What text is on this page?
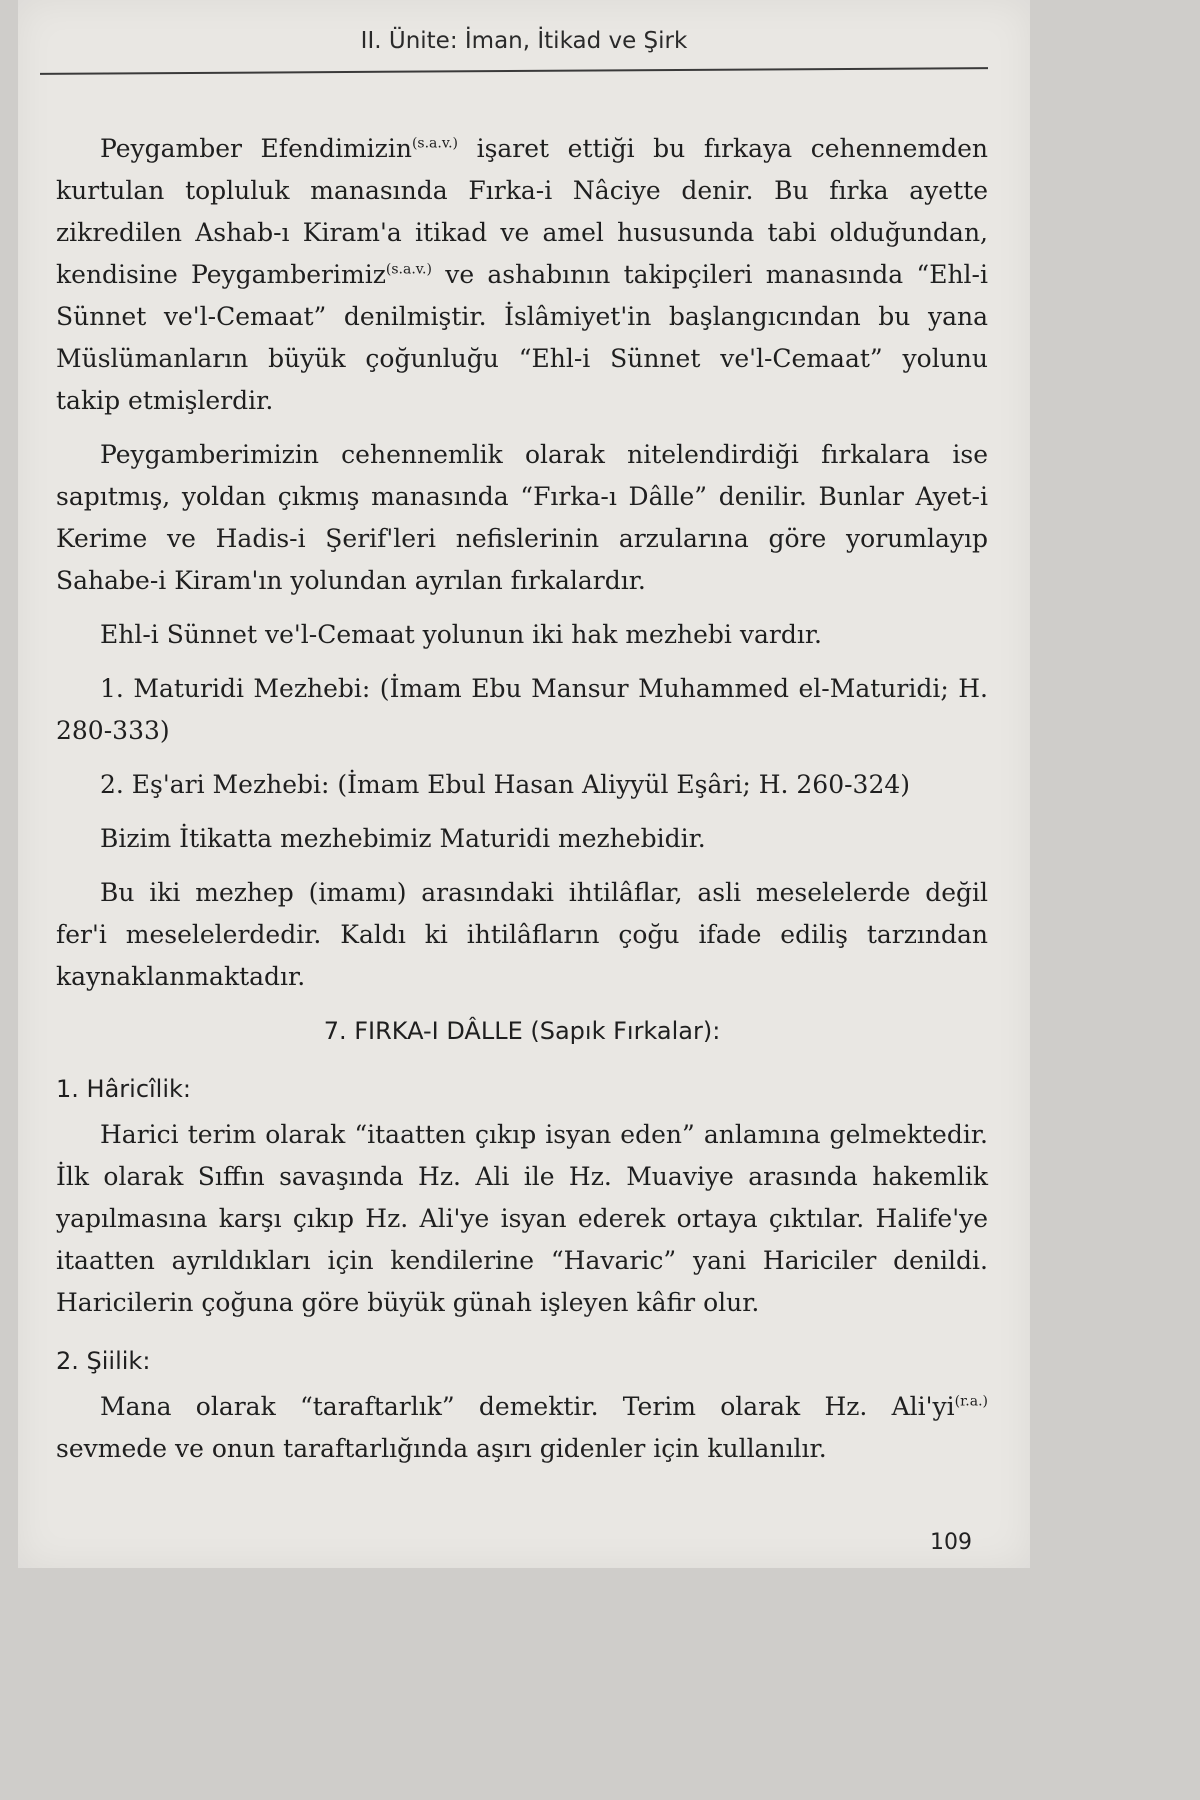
II. Ünite: İman, İtikad ve Şirk

Peygamber Efendimizin$^{(s.a.v.)}$ işaret ettiği bu fırkaya cehennemden kurtulan topluluk manasında Fırka-i Nâciye denir. Bu fırka ayette zikredilen Ashab-ı Kiram'a itikad ve amel hususunda tabi olduğundan, kendisine Peygamberimiz$^{(s.a.v.)}$ ve ashabının takipçileri manasında “Ehl-i Sünnet ve'l-Cemaat” denilmiştir. İslâmiyet'in başlangıcından bu yana Müslümanların büyük çoğunluğu “Ehl-i Sünnet ve'l-Cemaat” yolunu takip etmişlerdir.

Peygamberimizin cehennemlik olarak nitelendirdiği fırkalara ise sapıtmış, yoldan çıkmış manasında “Fırka-ı Dâlle” denilir. Bunlar Ayet-i Kerime ve Hadis-i Şerif'leri nefislerinin arzularına göre yorumlayıp Sahabe-i Kiram'ın yolundan ayrılan fırkalardır.

Ehl-i Sünnet ve'l-Cemaat yolunun iki hak mezhebi vardır.

1. Maturidi Mezhebi: (İmam Ebu Mansur Muhammed el-Maturidi; H. 280-333)

2. Eş'ari Mezhebi: (İmam Ebul Hasan Aliyyül Eşâri; H. 260-324)

Bizim İtikatta mezhebimiz Maturidi mezhebidir.

Bu iki mezhep (imamı) arasındaki ihtilâflar, asli meselelerde değil fer'i meselelerdedir. Kaldı ki ihtilâfların çoğu ifade ediliş tarzından kaynaklanmaktadır.

7. FIRKA-I DÂLLE (Sapık Fırkalar):
1. Hâricîlik:

Harici terim olarak “itaatten çıkıp isyan eden” anlamına gelmektedir. İlk olarak Sıffın savaşında Hz. Ali ile Hz. Muaviye arasında hakemlik yapılmasına karşı çıkıp Hz. Ali'ye isyan ederek ortaya çıktılar. Halife'ye itaatten ayrıldıkları için kendilerine “Havaric” yani Hariciler denildi. Haricilerin çoğuna göre büyük günah işleyen kâfir olur.

2. Şiilik:

Mana olarak “taraftarlık” demektir. Terim olarak Hz. $Ali'yi^{(r.a.)}$ sevmede ve onun taraftarlığında aşırı gidenler için kullanılır.

109
